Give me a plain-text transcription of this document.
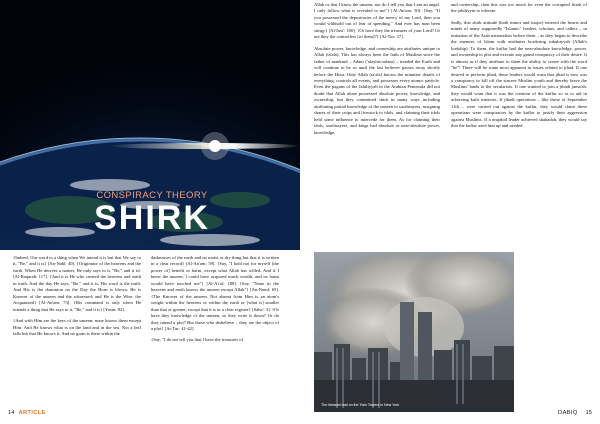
CONSPIRACY THEORY
SHIRK

{Indeed, Our word to a thing when We intend it is but that We say to it, "Be," and it is} [An-Nahl: 40]. {Originator of the heavens and the earth. When He decrees a matter, He only says to it, "Be," and it is} [Al-Baqarah: 117]. {And it is He who created the heavens and earth in truth. And the day He says, "Be," and it is, His word is the truth. And His is the dominion on the Day the Horn is blown. He is Knower of the unseen and the witnessed; and He is the Wise, the Acquainted} [Al-An'am: 73]. {His command is only when He intends a thing that He says to it, "Be," and it is} [Yasin: 82].

{And with Him are the keys of the unseen; none knows them except Him. And He knows what is on the land and in the sea. Not a leaf falls but that He knows it. And no grain is there within the

darknesses of the earth and no moist or dry thing but that it is written in a clear record} [Al-An'am: 59]. {Say, "I hold not for myself [the power of] benefit or harm, except what Allah has willed. And if I knew the unseen, I could have acquired much wealth, and no harm would have touched me"} [Al-A'raf: 188]. {Say, "None in the heavens and earth knows the unseen except Allah"} [An-Naml: 65]. {The Knower of the unseen. Not absent from Him is an atom's weight within the heavens or within the earth or [what is] smaller than that or greater, except that it is in a clear register} [Saba': 3]. {Or have they knowledge of the unseen, so they write it down? Or do they intend a plot? But those who disbelieve – they are the object of a plot} [At-Tur: 41-42].

{Say, "I do not tell you that I have the treasures of

14 ARTICLE

Allah or that I know the unseen, nor do I tell you that I am an angel. I only follow what is revealed to me"} [Al-An'am: 50]. {Say, "If you possessed the depositories of the mercy of my Lord, then you would withhold out of fear of spending." And ever has man been stingy} [Al-Isra': 100]. {Or have they the treasures of your Lord? Or are they the controllers [of them]?} [At-Tur: 37].

Absolute power, knowledge, and ownership are attributes unique to Allah (ta'ala). This has always been the faith of Muslims since the father of mankind – Adam ('alayhis-salam) – treaded the Earth and will continue to be so until the last believer passes away shortly before the Hour. Only Allah (ta'ala) knows the minutest details of everything, controls all events, and possesses every atomic particle. Even the pagans of the Jahiliyyah in the Arabian Peninsula did not doubt that Allah alone possessed absolute power, knowledge, and ownership, but they committed shirk in many ways including attributing partial knowledge of the unseen to soothsayers, assigning shares of their crops and livestock to idols, and claiming their idols held some influence to intercede for them. As for claiming their idols, soothsayers, and kings had absolute or near-absolute power, knowledge,

and ownership, then this was too much for even the corrupted fitrah of the jahiliyyin to tolerate.

Sadly, this shirk attitude (both minor and major) entered the hearts and minds of many supposedly "Islamic" leaders, scholars, and callers – in imitation of the Arab nationalists before them – as they began to describe the enemies of Islam with attributes bordering rububiyyah (Allah's lordship). To them, the kuffar had the near-absolute knowledge, power, and ownership to plot and execute any grand conspiracy of their desire. It is almost as if they attribute to them the ability to create with the word "be"! There will be some most apparent in issues related to jihad. If one desired to perform jihad, these leaders would warn that jihad is now was a conspiracy to kill off the sincere Muslim youth and thereby leave the Muslims' lands to the secularists. If one wanted to join a jihadi jama'ah, they would warn that it was the creation of the kuffar so as to aid in achieving kafir interests. If jihadi operations – like those of September 11th – were carried out against the kuffar, they would claim these operations were conspiracies by the kuffar to justify their aggression against Muslims. If a mujahid leader achieved shahadah, they would say that the kuffar used him up and needed

The blessed raid on the Twin Towers in New York
DABIQ 15
